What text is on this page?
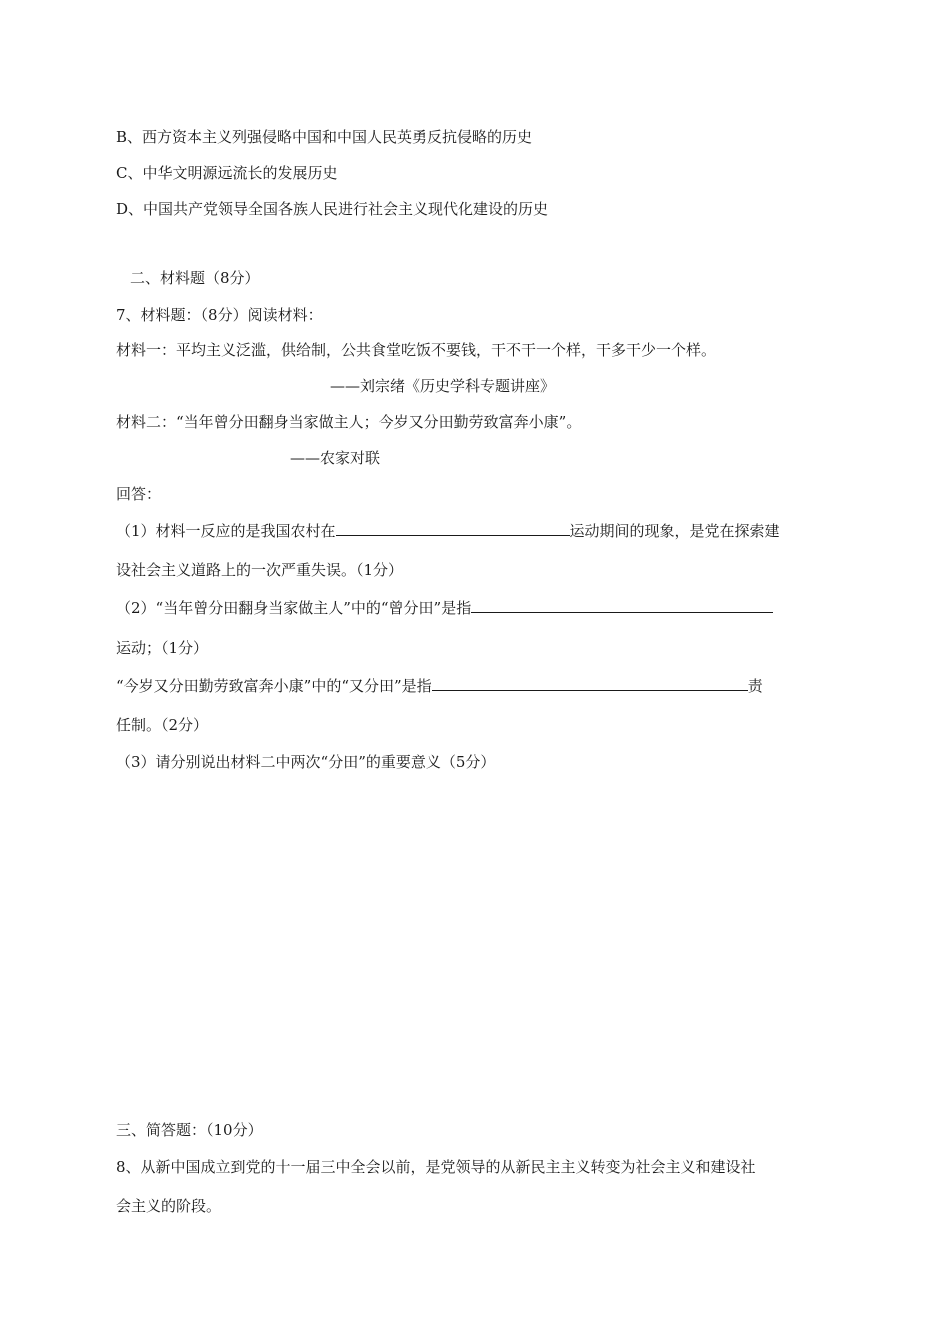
B、西方资本主义列强侵略中国和中国人民英勇反抗侵略的历史
C、中华文明源远流长的发展历史
D、中国共产党领导全国各族人民进行社会主义现代化建设的历史
二、材料题（8分）
7、材料题：（8分）阅读材料：
材料一：平均主义泛滥，供给制，公共食堂吃饭不要钱，干不干一个样，干多干少一个样。
——刘宗绪《历史学科专题讲座》
材料二：“当年曾分田翻身当家做主人；今岁又分田勤劳致富奔小康”。
——农家对联
回答：
（1）材料一反应的是我国农村在	运动期间的现象，是党在探索建
设社会主义道路上的一次严重失误。（1分）
（2）“当年曾分田翻身当家做主人”中的“曾分田”是指
运动；（1分）
“今岁又分田勤劳致富奔小康”中的“又分田”是指	责
任制。（2分）
（3）请分别说出材料二中两次“分田”的重要意义（5分）
三、简答题：（10分）
8、从新中国成立到党的十一届三中全会以前，是党领导的从新民主主义转变为社会主义和建设社
会主义的阶段。
